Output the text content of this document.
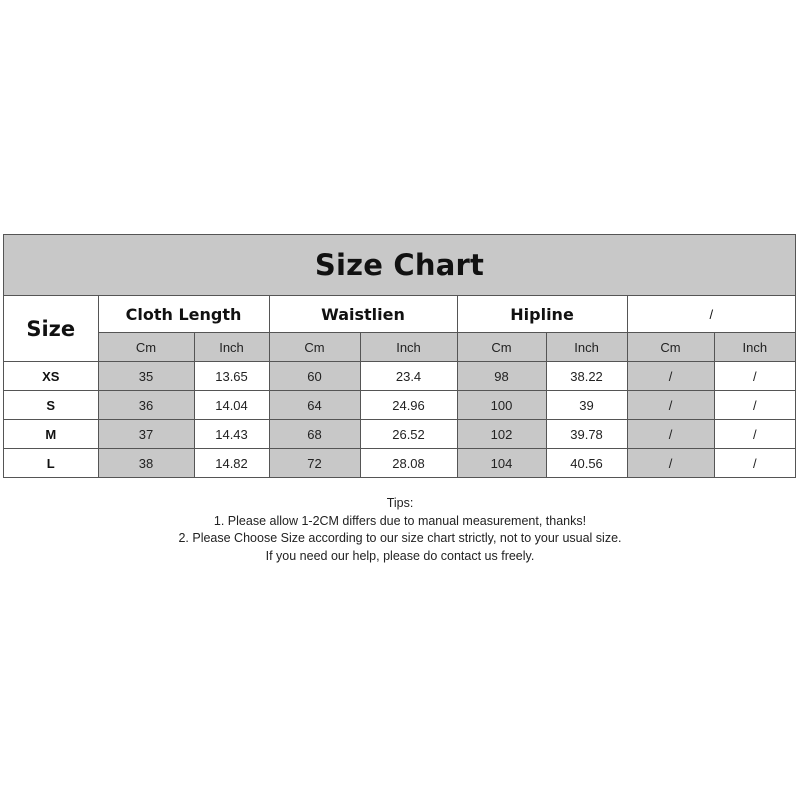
Size Chart
Size	Cloth Length		Waistlien		Hipline		/	
	Cm	Inch	Cm	Inch	Cm	Inch	Cm	Inch
XS	35	13.65	60	23.4	98	38.22	/	/
S	36	14.04	64	24.96	100	39	/	/
M	37	14.43	68	26.52	102	39.78	/	/
L	38	14.82	72	28.08	104	40.56	/	/
Tips:
1. Please allow 1-2CM differs due to manual measurement, thanks!
2. Please Choose Size according to our size chart strictly, not to your usual size.
If you need our help, please do contact us freely.
